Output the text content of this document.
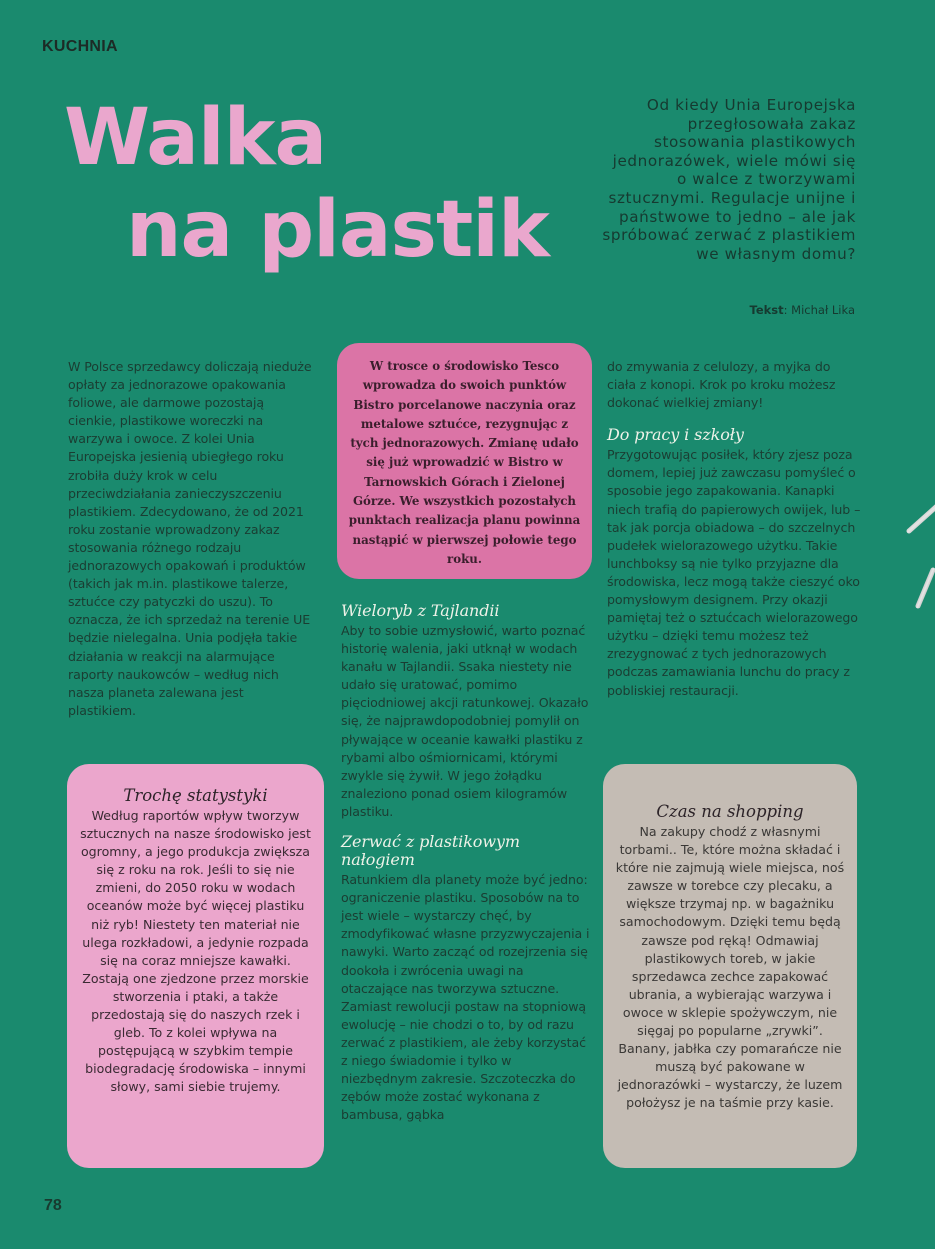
KUCHNIA
Walka
na plastik

Od kiedy Unia Europejska przegłosowała zakaz stosowania plastikowych jednorazówek, wiele mówi się o walce z tworzywami sztucznymi. Regulacje unijne i państwowe to jedno – ale jak spróbować zerwać z plastikiem we własnym domu?

Tekst: Michał Lika

W Polsce sprzedawcy doliczają nieduże opłaty za jednorazowe opakowania foliowe, ale darmowe pozostają cienkie, plastikowe woreczki na warzywa i owoce. Z kolei Unia Europejska jesienią ubiegłego roku zrobiła duży krok w celu przeciwdziałania zanieczyszczeniu plastikiem. Zdecydowano, że od 2021 roku zostanie wprowadzony zakaz stosowania różnego rodzaju jednorazowych opakowań i produktów (takich jak m.in. plastikowe talerze, sztućce czy patyczki do uszu). To oznacza, że ich sprzedaż na terenie UE będzie nielegalna. Unia podjęła takie działania w reakcji na alarmujące raporty naukowców – według nich nasza planeta zalewana jest plastikiem.

W trosce o środowisko Tesco wprowadza do swoich punktów Bistro porcelanowe naczynia oraz metalowe sztućce, rezygnując z tych jednorazowych. Zmianę udało się już wprowadzić w Bistro w Tarnowskich Górach i Zielonej Górze. We wszystkich pozostałych punktach realizacja planu powinna nastąpić w pierwszej połowie tego roku.

Wieloryb z Tajlandii

Aby to sobie uzmysłowić, warto poznać historię walenia, jaki utknął w wodach kanału w Tajlandii. Ssaka niestety nie udało się uratować, pomimo pięciodniowej akcji ratunkowej. Okazało się, że najprawdopodobniej pomylił on pływające w oceanie kawałki plastiku z rybami albo ośmiornicami, którymi zwykle się żywił. W jego żołądku znaleziono ponad osiem kilogramów plastiku.

Zerwać z plastikowym nałogiem

Ratunkiem dla planety może być jedno: ograniczenie plastiku. Sposobów na to jest wiele – wystarczy chęć, by zmodyfikować własne przyzwyczajenia i nawyki. Warto zacząć od rozejrzenia się dookoła i zwrócenia uwagi na otaczające nas tworzywa sztuczne. Zamiast rewolucji postaw na stopniową ewolucję – nie chodzi o to, by od razu zerwać z plastikiem, ale żeby korzystać z niego świadomie i tylko w niezbędnym zakresie. Szczoteczka do zębów może zostać wykonana z bambusa, gąbka

do zmywania z celulozy, a myjka do ciała z konopi. Krok po kroku możesz dokonać wielkiej zmiany!

Do pracy i szkoły

Przygotowując posiłek, który zjesz poza domem, lepiej już zawczasu pomyśleć o sposobie jego zapakowania. Kanapki niech trafią do papierowych owijek, lub – tak jak porcja obiadowa – do szczelnych pudełek wielorazowego użytku. Takie lunchboksy są nie tylko przyjazne dla środowiska, lecz mogą także cieszyć oko pomysłowym designem. Przy okazji pamiętaj też o sztućcach wielorazowego użytku – dzięki temu możesz też zrezygnować z tych jednorazowych podczas zamawiania lunchu do pracy z pobliskiej restauracji.

Trochę statystyki

Według raportów wpływ tworzyw sztucznych na nasze środowisko jest ogromny, a jego produkcja zwiększa się z roku na rok. Jeśli to się nie zmieni, do 2050 roku w wodach oceanów może być więcej plastiku niż ryb! Niestety ten materiał nie ulega rozkładowi, a jedynie rozpada się na coraz mniejsze kawałki. Zostają one zjedzone przez morskie stworzenia i ptaki, a także przedostają się do naszych rzek i gleb. To z kolei wpływa na postępującą w szybkim tempie biodegradację środowiska – innymi słowy, sami siebie trujemy.

Czas na shopping

Na zakupy chodź z własnymi torbami.. Te, które można składać i które nie zajmują wiele miejsca, noś zawsze w torebce czy plecaku, a większe trzymaj np. w bagażniku samochodowym. Dzięki temu będą zawsze pod ręką! Odmawiaj plastikowych toreb, w jakie sprzedawca zechce zapakować ubrania, a wybierając warzywa i owoce w sklepie spożywczym, nie sięgaj po popularne „zrywki”. Banany, jabłka czy pomarańcze nie muszą być pakowane w jednorazówki – wystarczy, że luzem położysz je na taśmie przy kasie.

78
